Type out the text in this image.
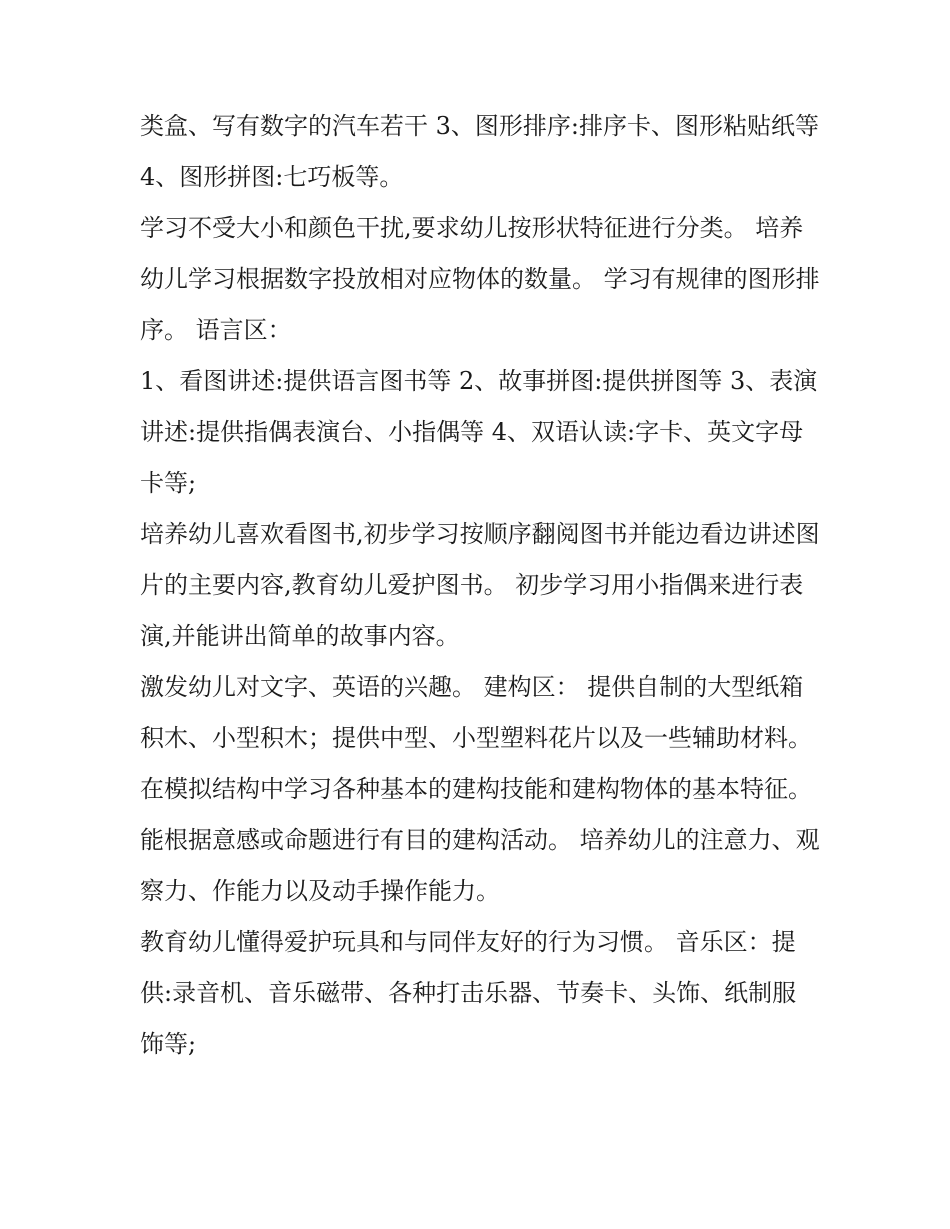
类盒、写有数字的汽车若干 3、图形排序:排序卡、图形粘贴纸等 4、图形拼图:七巧板等。

学习不受大小和颜色干扰,要求幼儿按形状特征进行分类。 培养幼儿学习根据数字投放相对应物体的数量。 学习有规律的图形排序。 语言区：

1、看图讲述:提供语言图书等 2、故事拼图:提供拼图等 3、表演讲述:提供指偶表演台、小指偶等 4、双语认读:字卡、英文字母卡等;

培养幼儿喜欢看图书,初步学习按顺序翻阅图书并能边看边讲述图片的主要内容,教育幼儿爱护图书。 初步学习用小指偶来进行表演,并能讲出简单的故事内容。

激发幼儿对文字、英语的兴趣。 建构区： 提供自制的大型纸箱积木、小型积木；提供中型、小型塑料花片以及一些辅助材料。

在模拟结构中学习各种基本的建构技能和建构物体的基本特征。 能根据意感或命题进行有目的建构活动。 培养幼儿的注意力、观察力、作能力以及动手操作能力。

教育幼儿懂得爱护玩具和与同伴友好的行为习惯。 音乐区：提供:录音机、音乐磁带、各种打击乐器、节奏卡、头饰、纸制服饰等;
